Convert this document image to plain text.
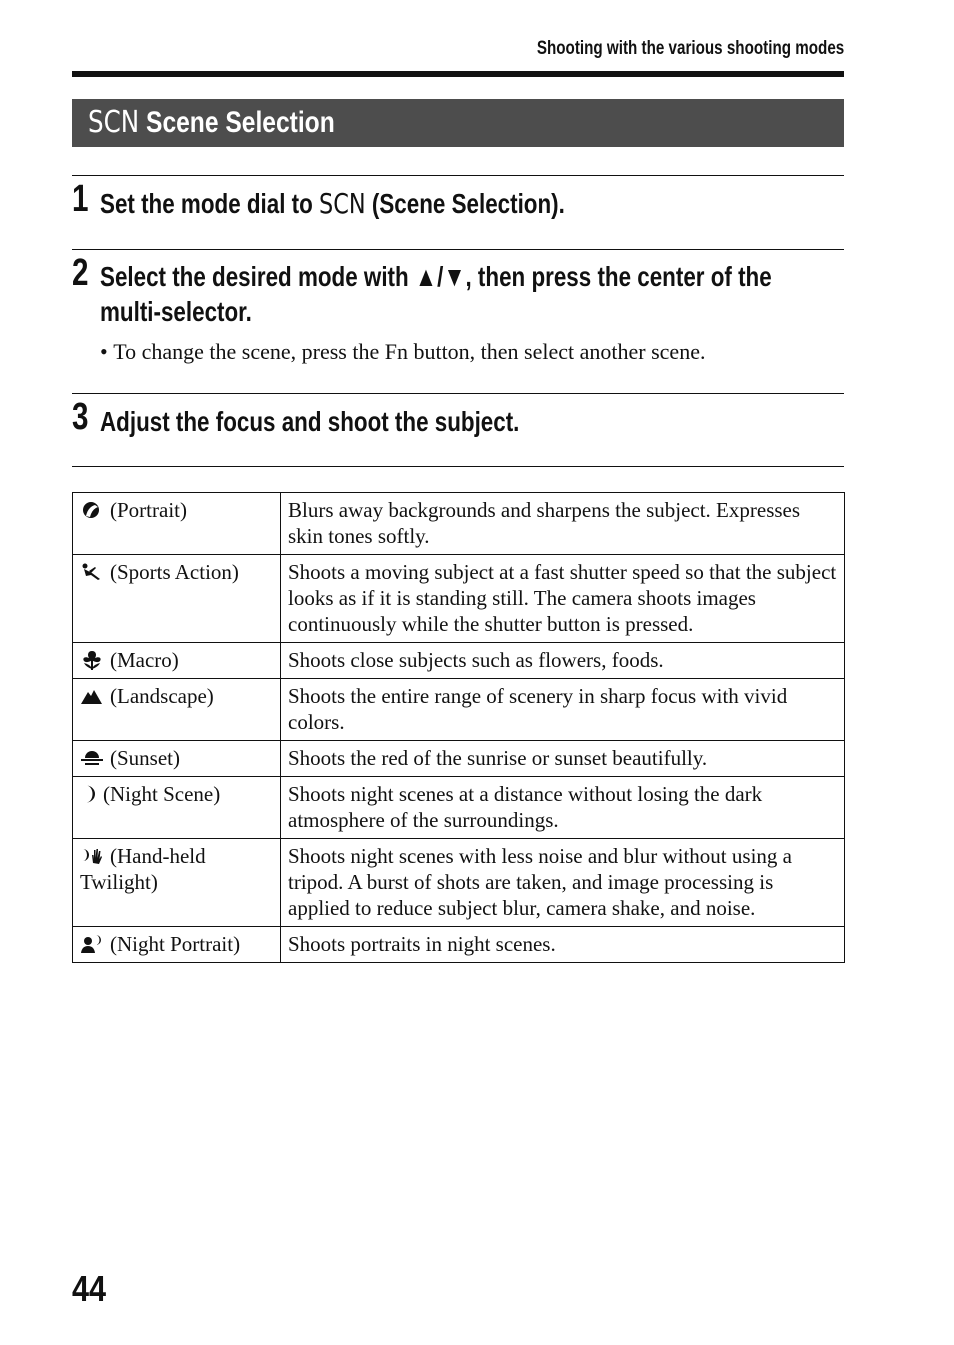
Shooting with the various shooting modes
SCN Scene Selection
1 Set the mode dial to SCN (Scene Selection).
2 Select the desired mode with ▲/▼, then press the center of the
multi-selector.
• To change the scene, press the Fn button, then select another scene.
3 Adjust the focus and shoot the subject.
(Portrait)	Blurs away backgrounds and sharpens the subject. Expresses skin tones softly.
(Sports Action)	Shoots a moving subject at a fast shutter speed so that the subject looks as if it is standing still. The camera shoots images continuously while the shutter button is pressed.
(Macro)	Shoots close subjects such as flowers, foods.
(Landscape)	Shoots the entire range of scenery in sharp focus with vivid colors.
(Sunset)	Shoots the red of the sunrise or sunset beautifully.
(Night Scene)	Shoots night scenes at a distance without losing the dark atmosphere of the surroundings.
(Hand-held Twilight)	Shoots night scenes with less noise and blur without using a tripod. A burst of shots are taken, and image processing is applied to reduce subject blur, camera shake, and noise.
(Night Portrait)	Shoots portraits in night scenes.
44
